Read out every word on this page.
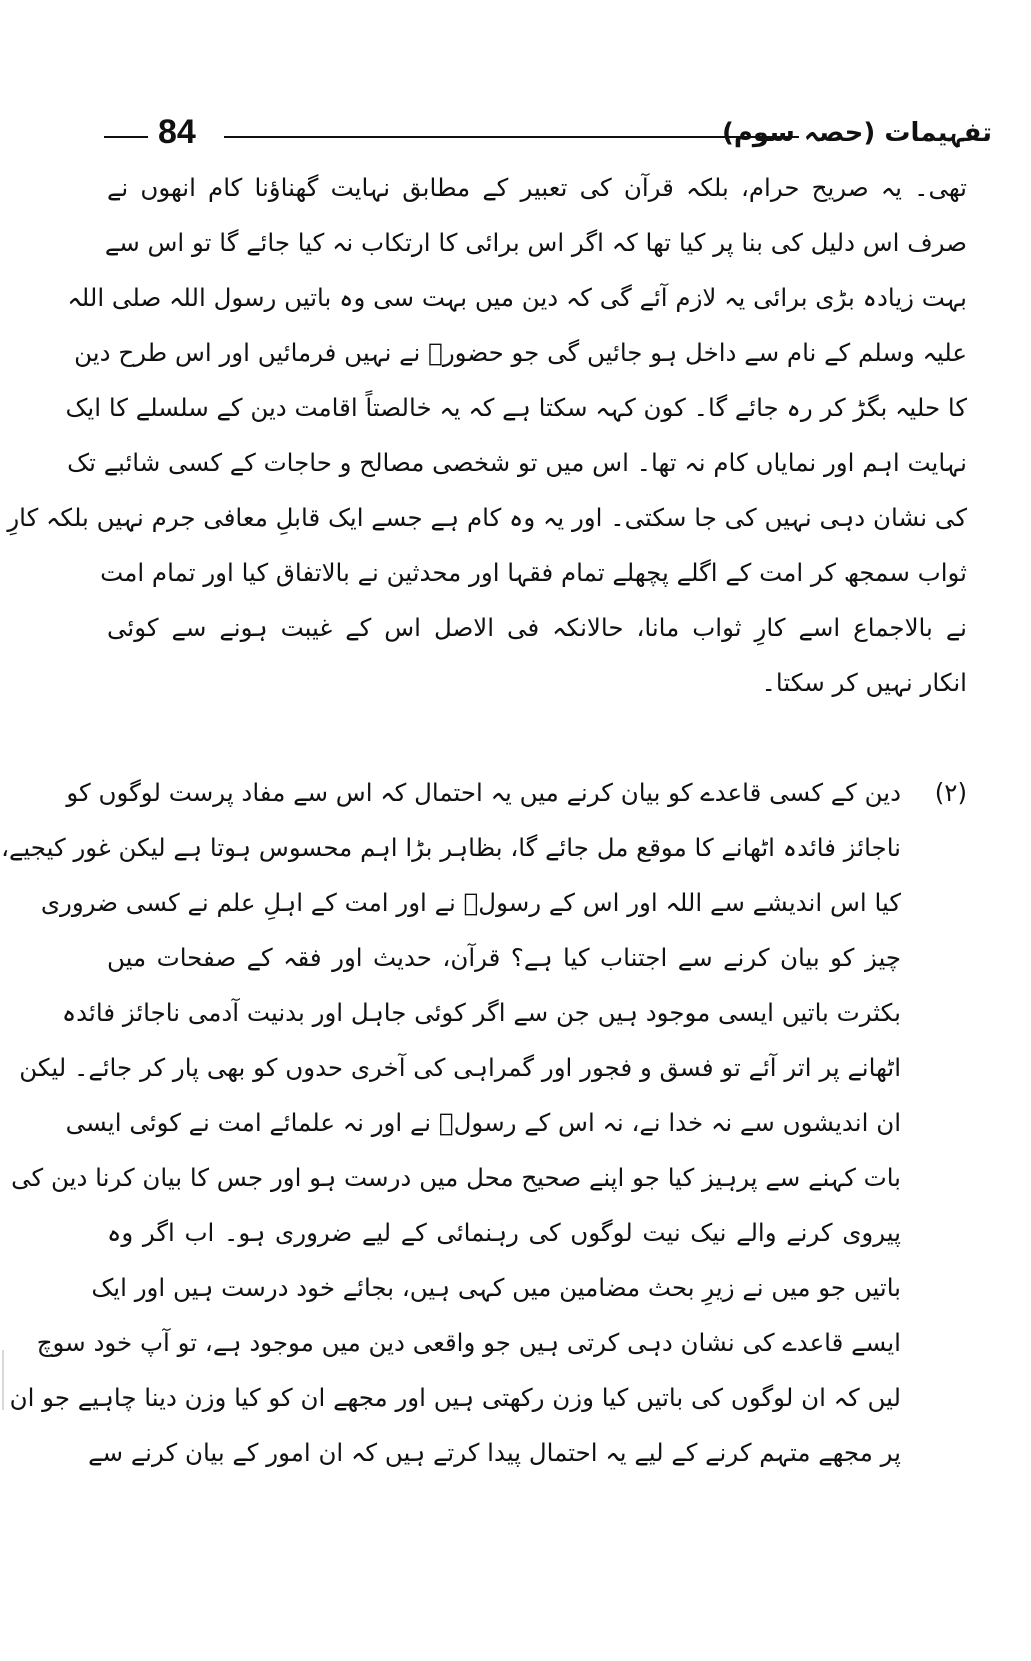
84	تفہیمات (حصہ سوم)
تھی۔ یہ صریح حرام، بلکہ قرآن کی تعبیر کے مطابق نہایت گھناؤنا کام انھوں نے
صرف اس دلیل کی بنا پر کیا تھا کہ اگر اس برائی کا ارتکاب نہ کیا جائے گا تو اس سے
بہت زیادہ بڑی برائی یہ لازم آئے گی کہ دین میں بہت سی وہ باتیں رسول اللہ صلی اللہ
علیہ وسلم کے نام سے داخل ہو جائیں گی جو حضورؐ نے نہیں فرمائیں اور اس طرح دین
کا حلیہ بگڑ کر رہ جائے گا۔ کون کہہ سکتا ہے کہ یہ خالصتاً اقامت دین کے سلسلے کا ایک
نہایت اہم اور نمایاں کام نہ تھا۔ اس میں تو شخصی مصالح و حاجات کے کسی شائبے تک
کی نشان دہی نہیں کی جا سکتی۔ اور یہ وہ کام ہے جسے ایک قابلِ معافی جرم نہیں بلکہ کارِ
ثواب سمجھ کر امت کے اگلے پچھلے تمام فقہا اور محدثین نے بالاتفاق کیا اور تمام امت
نے بالاجماع اسے کارِ ثواب مانا، حالانکہ فی الاصل اس کے غیبت ہونے سے کوئی
انکار نہیں کر سکتا۔
(۲)
دین کے کسی قاعدے کو بیان کرنے میں یہ احتمال کہ اس سے مفاد پرست لوگوں کو
ناجائز فائدہ اٹھانے کا موقع مل جائے گا، بظاہر بڑا اہم محسوس ہوتا ہے لیکن غور کیجیے،
کیا اس اندیشے سے اللہ اور اس کے رسولؐ نے اور امت کے اہلِ علم نے کسی ضروری
چیز کو بیان کرنے سے اجتناب کیا ہے؟ قرآن، حدیث اور فقہ کے صفحات میں
بکثرت باتیں ایسی موجود ہیں جن سے اگر کوئی جاہل اور بدنیت آدمی ناجائز فائدہ
اٹھانے پر اتر آئے تو فسق و فجور اور گمراہی کی آخری حدوں کو بھی پار کر جائے۔ لیکن
ان اندیشوں سے نہ خدا نے، نہ اس کے رسولؐ نے اور نہ علمائے امت نے کوئی ایسی
بات کہنے سے پرہیز کیا جو اپنے صحیح محل میں درست ہو اور جس کا بیان کرنا دین کی
پیروی کرنے والے نیک نیت لوگوں کی رہنمائی کے لیے ضروری ہو۔ اب اگر وہ
باتیں جو میں نے زیرِ بحث مضامین میں کہی ہیں، بجائے خود درست ہیں اور ایک
ایسے قاعدے کی نشان دہی کرتی ہیں جو واقعی دین میں موجود ہے، تو آپ خود سوچ
لیں کہ ان لوگوں کی باتیں کیا وزن رکھتی ہیں اور مجھے ان کو کیا وزن دینا چاہیے جو ان
پر مجھے متہم کرنے کے لیے یہ احتمال پیدا کرتے ہیں کہ ان امور کے بیان کرنے سے
